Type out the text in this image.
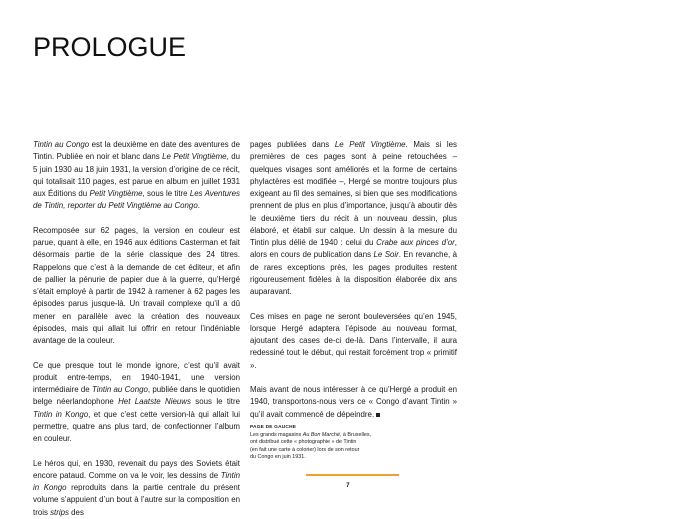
PROLOGUE

Tintin au Congo est la deuxième en date des aventures de Tintin. Publiée en noir et blanc dans Le Petit Vingtième, du 5 juin 1930 au 18 juin 1931, la version d’origine de ce récit, qui totalisait 110 pages, est parue en album en juillet 1931 aux Éditions du Petit Vingtième, sous le titre Les Aventures de Tintin, reporter du Petit Vingtième au Congo.

Recomposée sur 62 pages, la version en couleur est parue, quant à elle, en 1946 aux éditions Casterman et fait désormais partie de la série classique des 24 titres. Rappelons que c’est à la demande de cet éditeur, et afin de pallier la pénurie de papier due à la guerre, qu’Hergé s’était employé à partir de 1942 à ramener à 62 pages les épisodes parus jusque-là. Un travail complexe qu’il a dû mener en parallèle avec la création des nouveaux épisodes, mais qui allait lui offrir en retour l’indéniable avantage de la couleur.

Ce que presque tout le monde ignore, c’est qu’il avait produit entre-temps, en 1940-1941, une version intermédiaire de Tintin au Congo, publiée dans le quotidien belge néerlandophone Het Laatste Nieuws sous le titre Tintin in Kongo, et que c’est cette version-là qui allait lui permettre, quatre ans plus tard, de confectionner l’album en couleur.

Le héros qui, en 1930, revenait du pays des Soviets était encore pataud. Comme on va le voir, les dessins de Tintin in Kongo reproduits dans la partie centrale du présent volume s’appuient d’un bout à l’autre sur la composition en trois strips des

pages publiées dans Le Petit Vingtième. Mais si les premières de ces pages sont à peine retouchées – quelques visages sont améliorés et la forme de certains phylactères est modifiée –, Hergé se montre toujours plus exigeant au fil des semaines, si bien que ses modifications prennent de plus en plus d’importance, jusqu’à aboutir dès le deuxième tiers du récit à un nouveau dessin, plus élaboré, et établi sur calque. Un dessin à la mesure du Tintin plus délié de 1940 : celui du Crabe aux pinces d’or, alors en cours de publication dans Le Soir. En revanche, à de rares exceptions près, les pages produites restent rigoureusement fidèles à la disposition élaborée dix ans auparavant.

Ces mises en page ne seront bouleversées qu’en 1945, lorsque Hergé adaptera l’épisode au nouveau format, ajoutant des cases de-ci de-là. Dans l’intervalle, il aura redessiné tout le début, qui restait forcément trop « primitif ».

Mais avant de nous intéresser à ce qu’Hergé a produit en 1940, transportons-nous vers ce « Congo d’avant Tintin » qu’il avait commencé de dépeindre.

PAGE DE GAUCHE
Les grands magasins Au Bon Marché, à Bruxelles,
ont distribué cette « photographie » de Tintin
(en fait une carte à colorier) lors de son retour
du Congo en juin 1931.
7
